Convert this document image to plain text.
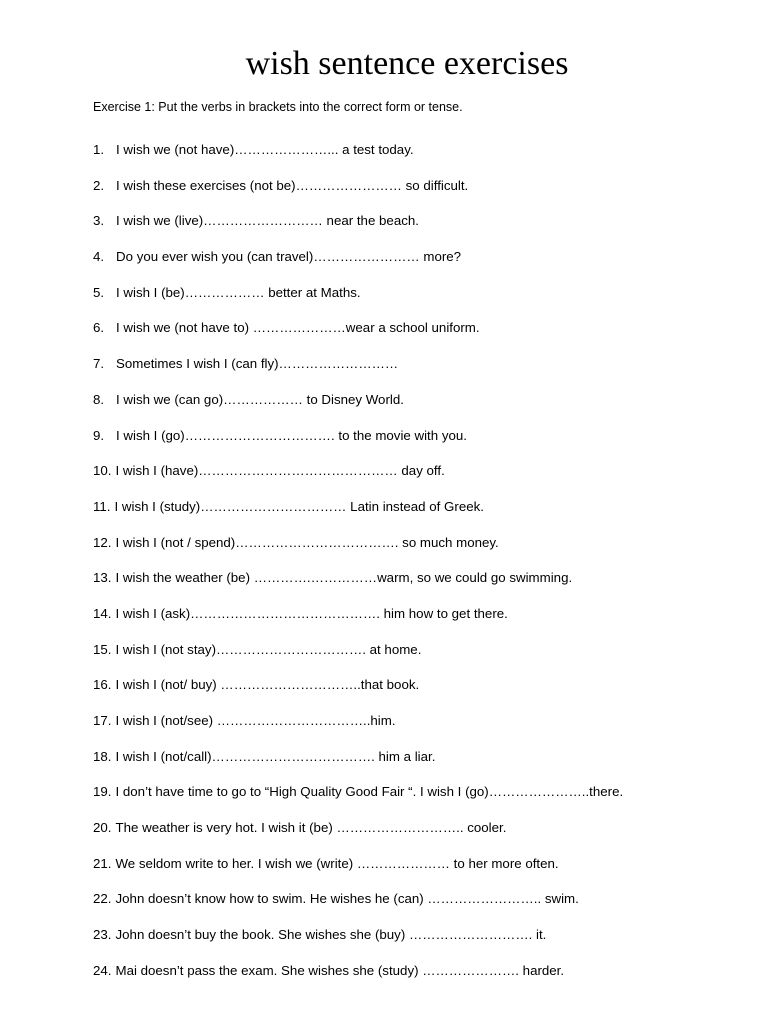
wish sentence exercises

Exercise 1: Put the verbs in brackets into the correct form or tense.

1. I wish we (not have)…………………... a test today.
2. I wish these exercises (not be)…………………… so difficult.
3. I wish we (live)……………………… near the beach.
4. Do you ever wish you (can travel)…………………… more?
5. I wish I (be)……………… better at Maths.
6. I wish we (not have to) …………………wear a school uniform.
7. Sometimes I wish I (can fly)………………………
8. I wish we (can go)……………… to Disney World.
9. I wish I (go)……………………………. to the movie with you.
10. I wish I (have)……………………………………… day off.
11. I wish I (study)…………………………… Latin instead of Greek.
12. I wish I (not / spend)………………………………. so much money.
13. I wish the weather (be) ………….……………warm, so we could go swimming.
14. I wish I (ask)……………………………………. him how to get there.
15. I wish I (not stay)……………………………. at home.
16. I wish I (not/ buy) …………………………..that book.
17. I wish I (not/see) ……………………………..him.
18. I wish I (not/call)………………………………. him a liar.
19. I don’t have time to go to “High Quality Good Fair “. I wish I (go)…………………..there.
20. The weather is very hot. I wish it (be) ……………………….. cooler.
21. We seldom write to her. I wish we (write) ………………… to her more often.
22. John doesn’t know how to swim. He wishes he (can) …………………….. swim.
23. John doesn’t buy the book. She wishes she (buy) ………………………. it.
24. Mai doesn’t pass the exam. She wishes she (study) …………………. harder.
